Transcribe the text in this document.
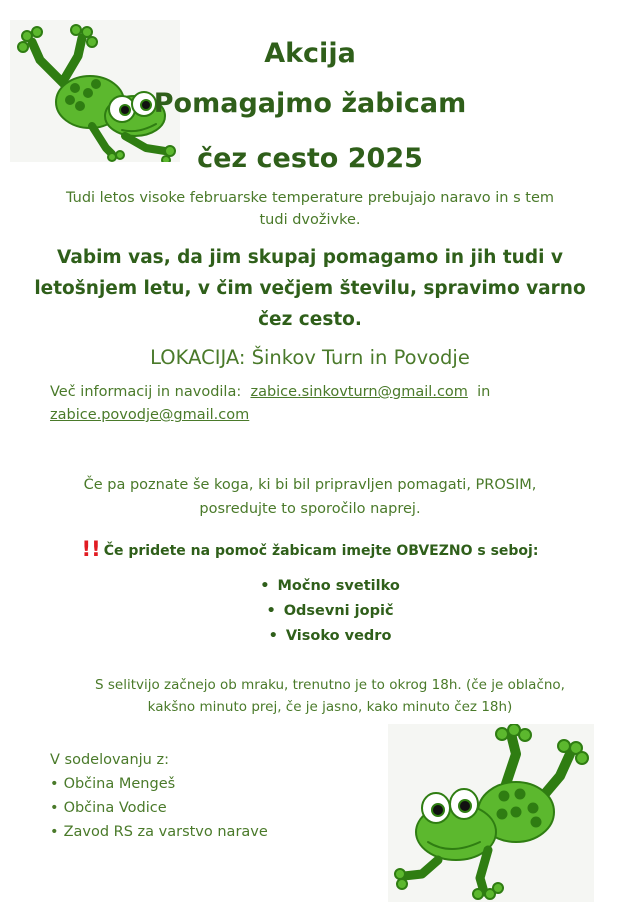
Akcija
Pomagajmo žabicam
čez cesto 2025
Tudi letos visoke februarske temperature prebujajo naravo in s tem
tudi dvoživke.
Vabim vas, da jim skupaj pomagamo in jih tudi v
letošnjem letu, v čim večjem številu, spravimo varno
čez cesto.
LOKACIJA: Šinkov Turn in Povodje
Več informacij in navodila: zabice.sinkovturn@gmail.com in
zabice.povodje@gmail.com
Če pa poznate še koga, ki bi bil pripravljen pomagati, PROSIM,
posredujte to sporočilo naprej.
!! Če pridete na pomoč žabicam imejte OBVEZNO s seboj:
• Močno svetilko
• Odsevni jopič
• Visoko vedro
S selitvijo začnejo ob mraku, trenutno je to okrog 18h. (če je oblačno,
kakšno minuto prej, če je jasno, kako minuto čez 18h)
V sodelovanju z:
• Občina Mengeš
• Občina Vodice
• Zavod RS za varstvo narave
